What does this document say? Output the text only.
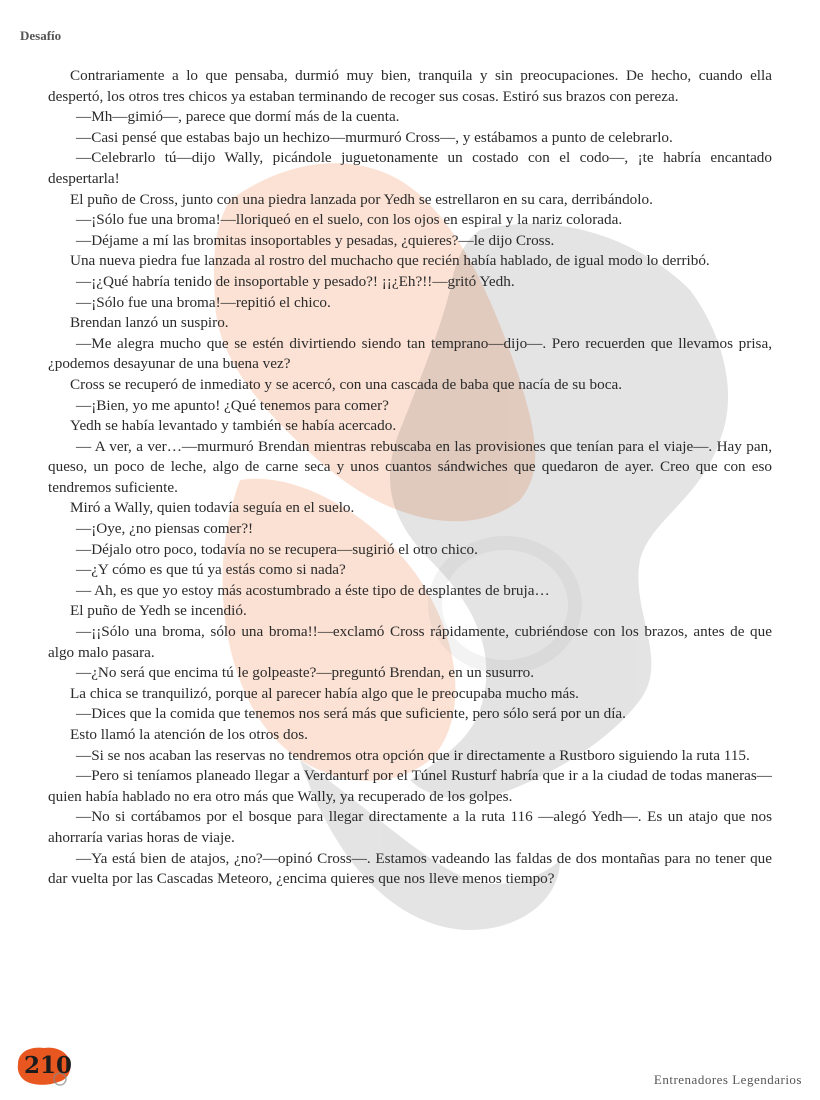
Desafío

Contrariamente a lo que pensaba, durmió muy bien, tranquila y sin preocupaciones. De hecho, cuando ella despertó, los otros tres chicos ya estaban terminando de recoger sus cosas. Estiró sus brazos con pereza.

—Mh—gimió—, parece que dormí más de la cuenta.

—Casi pensé que estabas bajo un hechizo—murmuró Cross—, y estábamos a punto de celebrarlo.

—Celebrarlo tú—dijo Wally, picándole juguetonamente un costado con el codo—, ¡te habría encantado despertarla!

El puño de Cross, junto con una piedra lanzada por Yedh se estrellaron en su cara, derribándolo.

—¡Sólo fue una broma!—lloriqueó en el suelo, con los ojos en espiral y la nariz colorada.

—Déjame a mí las bromitas insoportables y pesadas, ¿quieres?—le dijo Cross.

Una nueva piedra fue lanzada al rostro del muchacho que recién había hablado, de igual modo lo derribó.

—¡¿Qué habría tenido de insoportable y pesado?! ¡¡¿Eh?!!—gritó Yedh.

—¡Sólo fue una broma!—repitió el chico.

Brendan lanzó un suspiro.

—Me alegra mucho que se estén divirtiendo siendo tan temprano—dijo—. Pero recuerden que llevamos prisa, ¿podemos desayunar de una buena vez?

Cross se recuperó de inmediato y se acercó, con una cascada de baba que nacía de su boca.

—¡Bien, yo me apunto! ¿Qué tenemos para comer?

Yedh se había levantado y también se había acercado.

— A ver, a ver…—murmuró Brendan mientras rebuscaba en las provisiones que tenían para el viaje—. Hay pan, queso, un poco de leche, algo de carne seca y unos cuantos sándwiches que quedaron de ayer. Creo que con eso tendremos suficiente.

Miró a Wally, quien todavía seguía en el suelo.

—¡Oye, ¿no piensas comer?!

—Déjalo otro poco, todavía no se recupera—sugirió el otro chico.

—¿Y cómo es que tú ya estás como si nada?

— Ah, es que yo estoy más acostumbrado a éste tipo de desplantes de bruja…

El puño de Yedh se incendió.

—¡¡Sólo una broma, sólo una broma!!—exclamó Cross rápidamente, cubriéndose con los brazos, antes de que algo malo pasara.

—¿No será que encima tú le golpeaste?—preguntó Brendan, en un susurro.

La chica se tranquilizó, porque al parecer había algo que le preocupaba mucho más.

—Dices que la comida que tenemos nos será más que suficiente, pero sólo será por un día.

Esto llamó la atención de los otros dos.

—Si se nos acaban las reservas no tendremos otra opción que ir directamente a Rustboro siguiendo la ruta 115.

—Pero si teníamos planeado llegar a Verdanturf por el Túnel Rusturf habría que ir a la ciudad de todas maneras—quien había hablado no era otro más que Wally, ya recuperado de los golpes.

—No si cortábamos por el bosque para llegar directamente a la ruta 116 —alegó Yedh—. Es un atajo que nos ahorraría varias horas de viaje.

—Ya está bien de atajos, ¿no?—opinó Cross—. Estamos vadeando las faldas de dos montañas para no tener que dar vuelta por las Cascadas Meteoro, ¿encima quieres que nos lleve menos tiempo?

210
Entrenadores Legendarios
